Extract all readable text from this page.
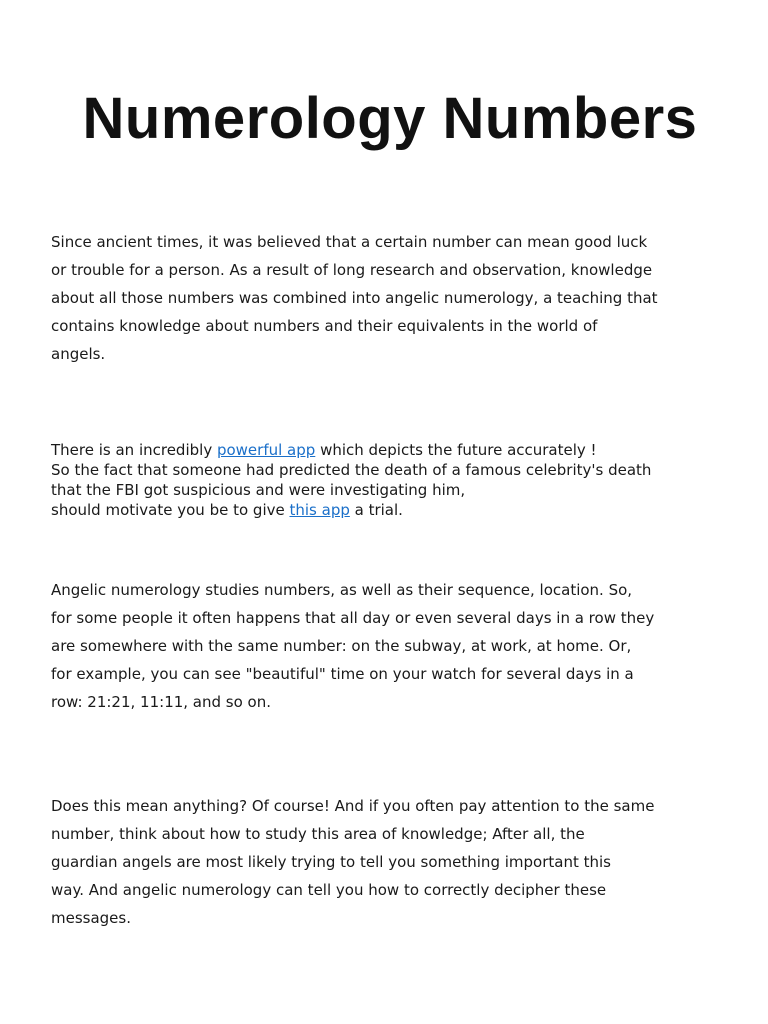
Numerology Numbers

Since ancient times, it was believed that a certain number can mean good luck
or trouble for a person. As a result of long research and observation, knowledge
about all those numbers was combined into angelic numerology, a teaching that
contains knowledge about numbers and their equivalents in the world of
angels.

There is an incredibly powerful app which depicts the future accurately !
So the fact that someone had predicted the death of a famous celebrity's death
that the FBI got suspicious and were investigating him,
should motivate you be to give this app a trial.

Angelic numerology studies numbers, as well as their sequence, location. So,
for some people it often happens that all day or even several days in a row they
are somewhere with the same number: on the subway, at work, at home. Or,
for example, you can see "beautiful" time on your watch for several days in a
row: 21:21, 11:11, and so on.

Does this mean anything? Of course! And if you often pay attention to the same
number, think about how to study this area of knowledge; After all, the
guardian angels are most likely trying to tell you something important this
way. And angelic numerology can tell you how to correctly decipher these
messages.
